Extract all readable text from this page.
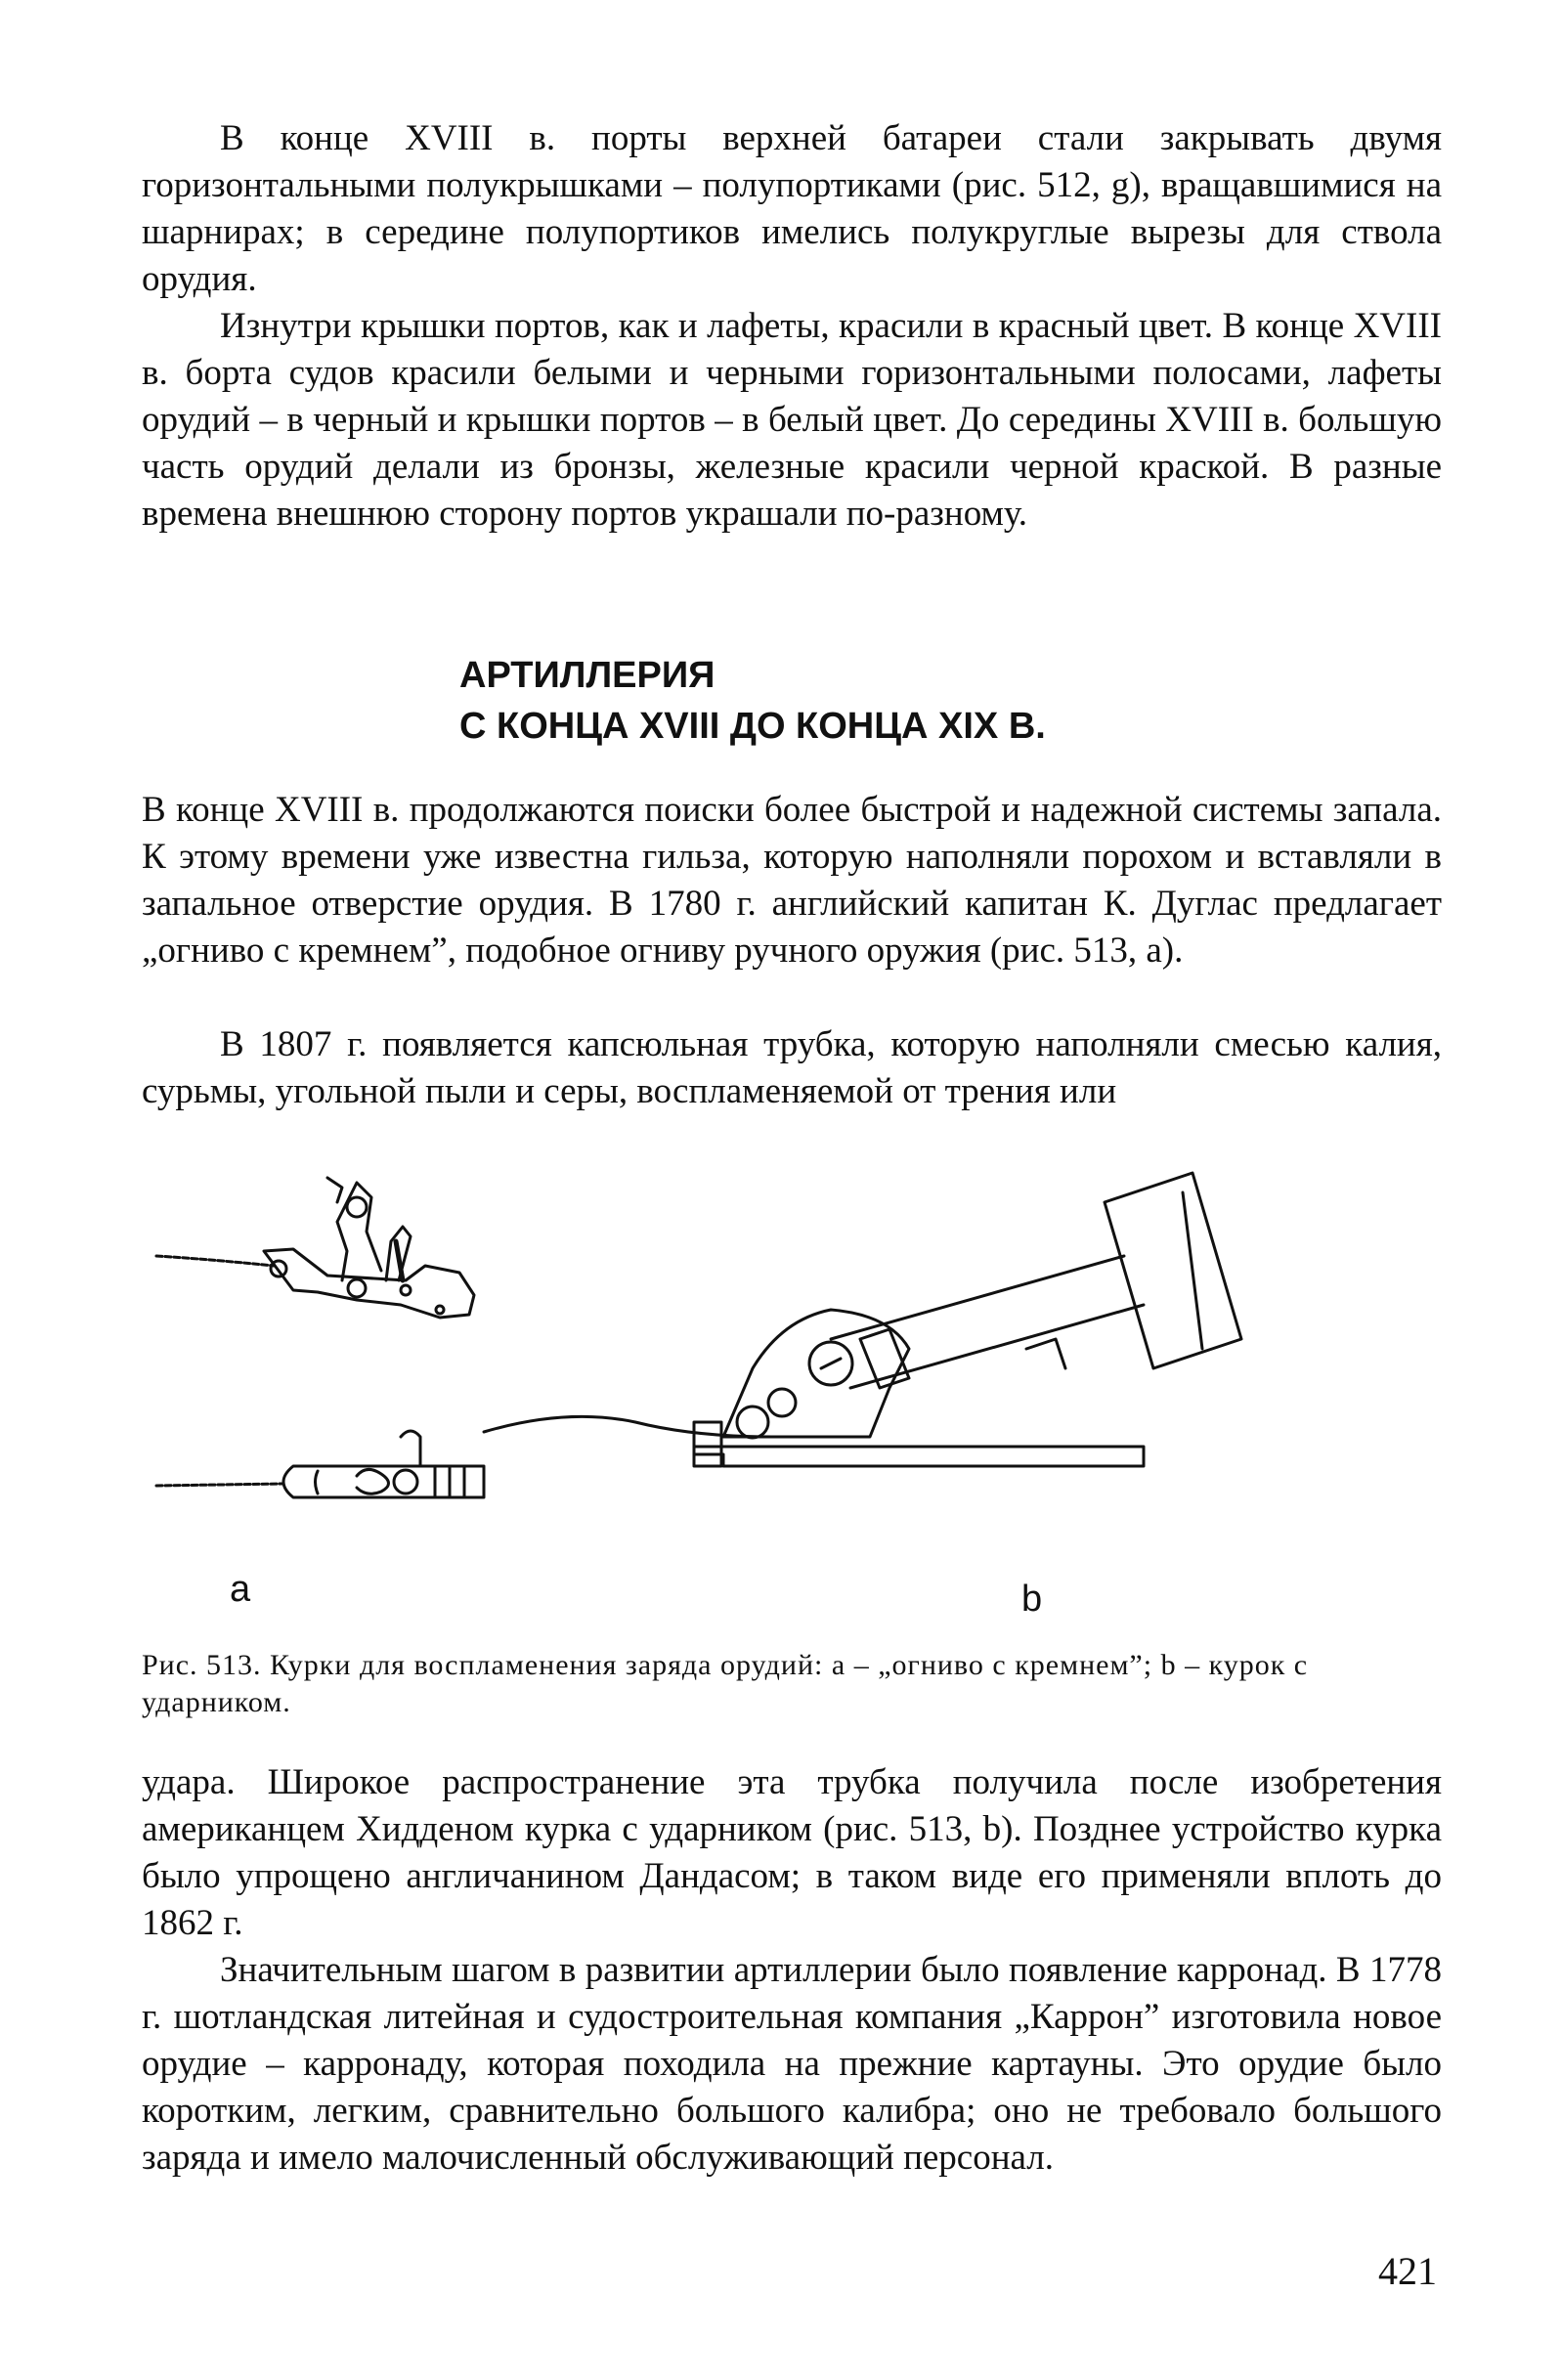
В конце XVIII в. порты верхней батареи стали закрывать двумя горизонтальными полукрышками – полупортиками (рис. 512, g), вращавшимися на шарнирах; в середине полупортиков имелись полукруглые вырезы для ствола орудия.

Изнутри крышки портов, как и лафеты, красили в красный цвет. В конце XVIII в. борта судов красили белыми и черными горизонтальными полосами, лафеты орудий – в черный и крышки портов – в белый цвет. До середины XVIII в. большую часть орудий делали из бронзы, железные красили черной краской. В разные времена внешнюю сторону портов украшали по-разному.

АРТИЛЛЕРИЯ
С КОНЦА XVIII ДО КОНЦА XIX В.

В конце XVIII в. продолжаются поиски более быстрой и надежной системы запала. К этому времени уже известна гильза, которую наполняли порохом и вставляли в запальное отверстие орудия. В 1780 г. английский капитан К. Дуглас предлагает „огниво с кремнем”, подобное огниву ручного оружия (рис. 513, а).

В 1807 г. появляется капсюльная трубка, которую наполняли смесью калия, сурьмы, угольной пыли и серы, воспламеняемой от трения или

a	b

Рис. 513. Курки для воспламенения заряда орудий: а – „огниво с кремнем”; b – курок с ударником.

удара. Широкое распространение эта трубка получила после изобретения американцем Хидденом курка с ударником (рис. 513, b). Позднее устройство курка было упрощено англичанином Дандасом; в таком виде его применяли вплоть до 1862 г.

Значительным шагом в развитии артиллерии было появление карронад. В 1778 г. шотландская литейная и судостроительная компания „Каррон” изготовила новое орудие – карронаду, которая походила на прежние картауны. Это орудие было коротким, легким, сравнительно большого калибра; оно не требовало большого заряда и имело малочисленный обслуживающий персонал.

421
